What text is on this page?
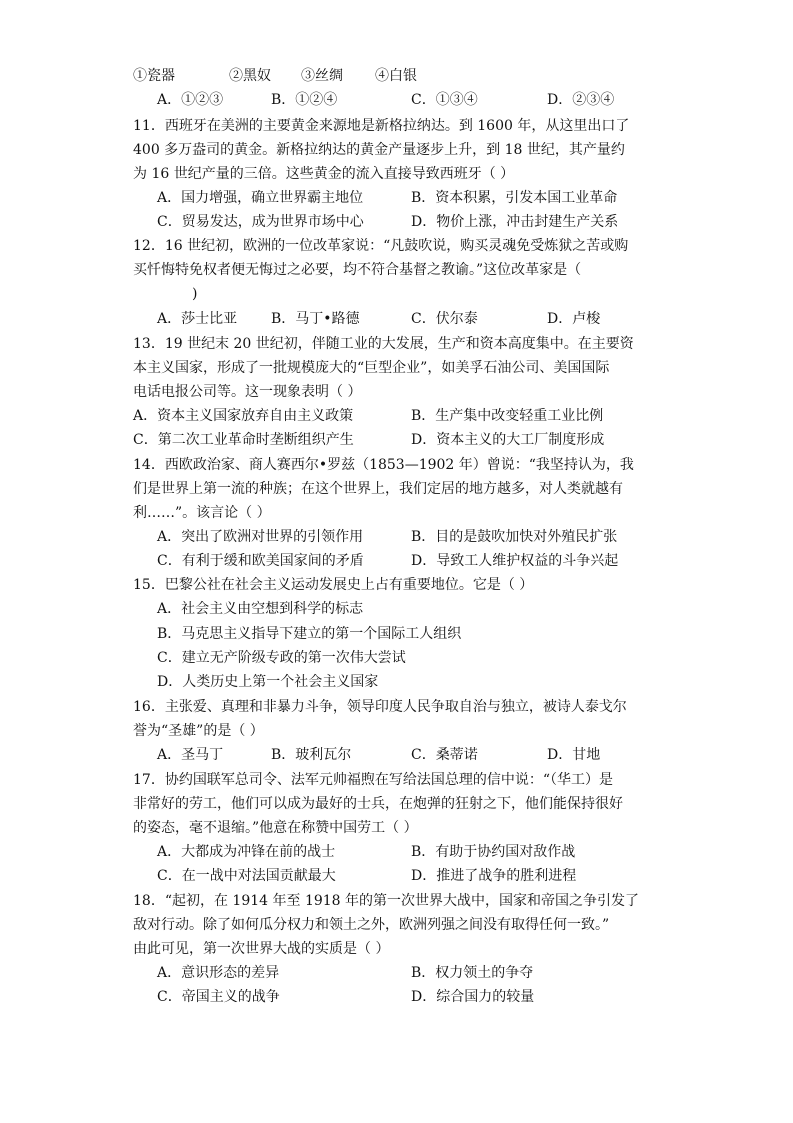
①瓷器	②黑奴 ③丝绸 ④白银
A．①②③	B．①②④	C．①③④	D．②③④
11．西班牙在美洲的主要黄金来源地是新格拉纳达。到 1600 年，从这里出口了
400 多万盎司的黄金。新格拉纳达的黄金产量逐步上升，到 18 世纪，其产量约
为 16 世纪产量的三倍。这些黄金的流入直接导致西班牙（ ）
A．国力增强，确立世界霸主地位	B．资本积累，引发本国工业革命
C．贸易发达，成为世界市场中心	D．物价上涨，冲击封建生产关系
12．16 世纪初，欧洲的一位改革家说：“凡鼓吹说，购买灵魂免受炼狱之苦或购
买忏悔特免权者便无悔过之必要，均不符合基督之教谕。”这位改革家是（
)
A．莎士比亚 B．马丁•路德	C．伏尔泰	D．卢梭
13．19 世纪末 20 世纪初，伴随工业的大发展，生产和资本高度集中。在主要资
本主义国家，形成了一批规模庞大的“巨型企业”，如美孚石油公司、美国国际
电话电报公司等。这一现象表明（ ）
A．资本主义国家放弃自由主义政策	B．生产集中改变轻重工业比例
C．第二次工业革命时垄断组织产生	D．资本主义的大工厂制度形成
14．西欧政治家、商人赛西尔•罗兹（1853—1902 年）曾说：“我坚持认为，我
们是世界上第一流的种族；在这个世界上，我们定居的地方越多，对人类就越有
利……”。该言论（ ）
A．突出了欧洲对世界的引领作用	B．目的是鼓吹加快对外殖民扩张
C．有利于缓和欧美国家间的矛盾	D．导致工人维护权益的斗争兴起
15．巴黎公社在社会主义运动发展史上占有重要地位。它是（ ）
A．社会主义由空想到科学的标志
B．马克思主义指导下建立的第一个国际工人组织
C．建立无产阶级专政的第一次伟大尝试
D．人类历史上第一个社会主义国家
16．主张爱、真理和非暴力斗争，领导印度人民争取自治与独立，被诗人泰戈尔
誉为“圣雄”的是（ ）
A．圣马丁	B．玻利瓦尔	C．桑蒂诺	D．甘地
17．协约国联军总司令、法军元帅福煦在写给法国总理的信中说：“（华工）是
非常好的劳工，他们可以成为最好的士兵，在炮弹的狂射之下，他们能保持很好
的姿态，毫不退缩。”他意在称赞中国劳工（ ）
A．大都成为冲锋在前的战士	B．有助于协约国对敌作战
C．在一战中对法国贡献最大	D．推进了战争的胜利进程
18．“起初，在 1914 年至 1918 年的第一次世界大战中，国家和帝国之争引发了
敌对行动。除了如何瓜分权力和领土之外，欧洲列强之间没有取得任何一致。”
由此可见，第一次世界大战的实质是（ ）
A．意识形态的差异	B．权力领土的争夺
C．帝国主义的战争	D．综合国力的较量
